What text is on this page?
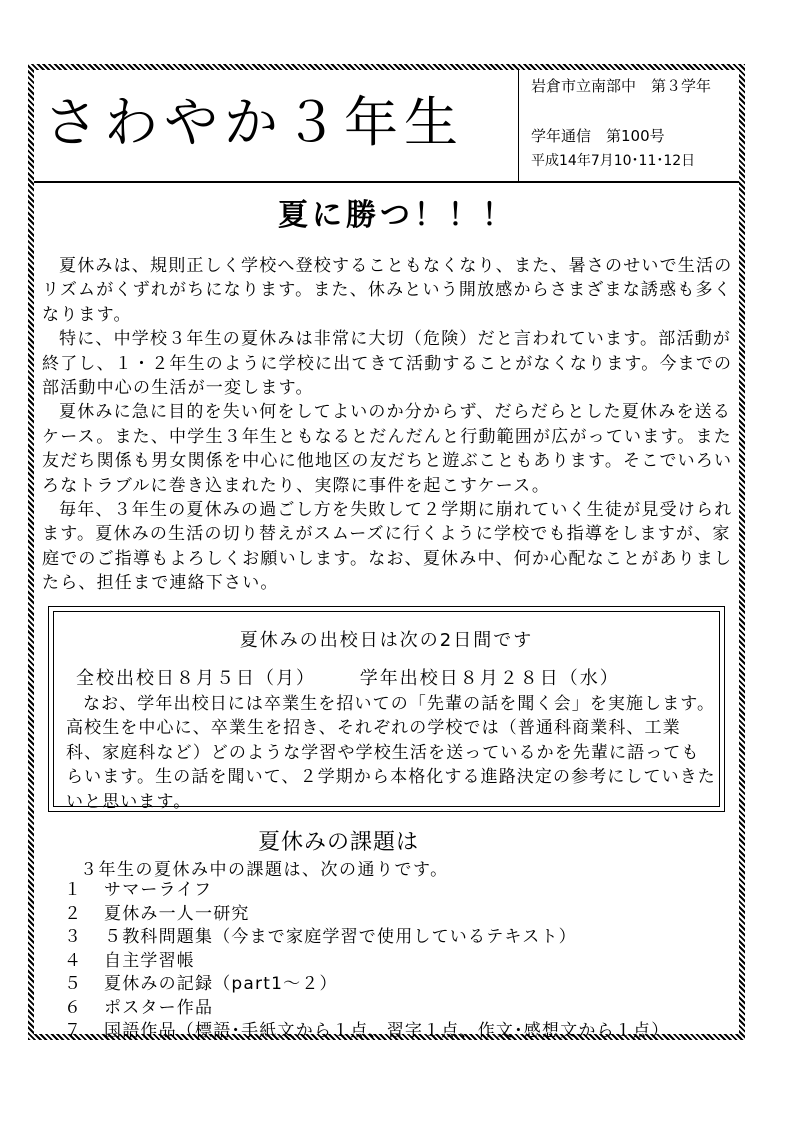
さわやか３年生
岩倉市立南部中　第３学年
学年通信　第100号
平成14年7月10･11･12日
夏に勝つ！！！

夏休みは、規則正しく学校へ登校することもなくなり、また、暑さのせいで生活のリズムがくずれがちになります。また、休みという開放感からさまざまな誘惑も多くなります。

特に、中学校３年生の夏休みは非常に大切（危険）だと言われています。部活動が終了し、１・２年生のように学校に出てきて活動することがなくなります。今までの部活動中心の生活が一変します。

夏休みに急に目的を失い何をしてよいのか分からず、だらだらとした夏休みを送るケース。また、中学生３年生ともなるとだんだんと行動範囲が広がっています。また友だち関係も男女関係を中心に他地区の友だちと遊ぶこともあります。そこでいろいろなトラブルに巻き込まれたり、実際に事件を起こすケース。

毎年、３年生の夏休みの過ごし方を失敗して２学期に崩れていく生徒が見受けられます。夏休みの生活の切り替えがスムーズに行くように学校でも指導をしますが、家庭でのご指導もよろしくお願いします。なお、夏休み中、何か心配なことがありましたら、担任まで連絡下さい。

夏休みの出校日は次の2日間です
全校出校日８月５日（月） 学年出校日８月２８日（水）

なお、学年出校日には卒業生を招いての「先輩の話を聞く会」を実施します。高校生を中心に、卒業生を招き、それぞれの学校では（普通科商業科、工業科、家庭科など）どのような学習や学校生活を送っているかを先輩に語ってもらいます。生の話を聞いて、２学期から本格化する進路決定の参考にしていきたいと思います。

夏休みの課題は
３年生の夏休み中の課題は、次の通りです。
１ サマーライフ
２ 夏休み一人一研究
３ ５教科問題集（今まで家庭学習で使用しているテキスト）
４ 自主学習帳
５ 夏休みの記録（part1～２）
６ ポスター作品
７ 国語作品（標語･手紙文から１点、習字１点、作文･感想文から１点）
